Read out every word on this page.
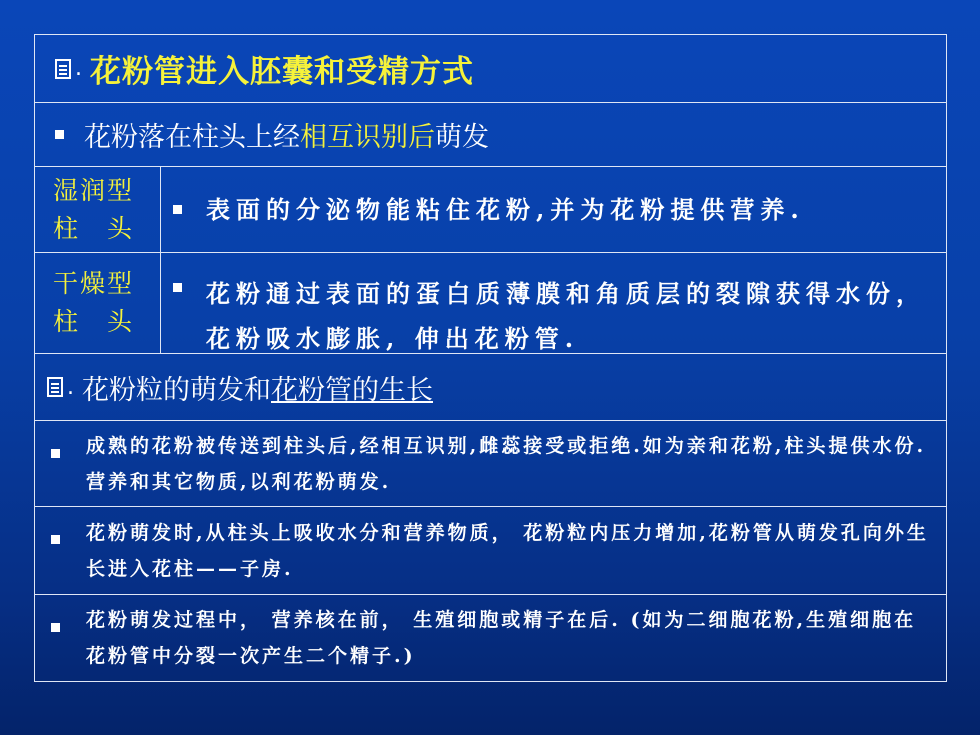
. 花粉管进入胚囊和受精方式
花粉落在柱头上经相互识别后萌发
湿润型
柱　头
表面的分泌物能粘住花粉,并为花粉提供营养.
干燥型
柱　头
花粉通过表面的蛋白质薄膜和角质层的裂隙获得水份， 花粉吸水膨胀, 伸出花粉管.
. 花粉粒的萌发和花粉管的生长
成熟的花粉被传送到柱头后,经相互识别,雌蕊接受或拒绝.如为亲和花粉,柱头提供水份.营养和其它物质,以利花粉萌发.
花粉萌发时,从柱头上吸收水分和营养物质， 花粉粒内压力增加,花粉管从萌发孔向外生长进入花柱——子房.
花粉萌发过程中， 营养核在前， 生殖细胞或精子在后. (如为二细胞花粉,生殖细胞在花粉管中分裂一次产生二个精子.)
